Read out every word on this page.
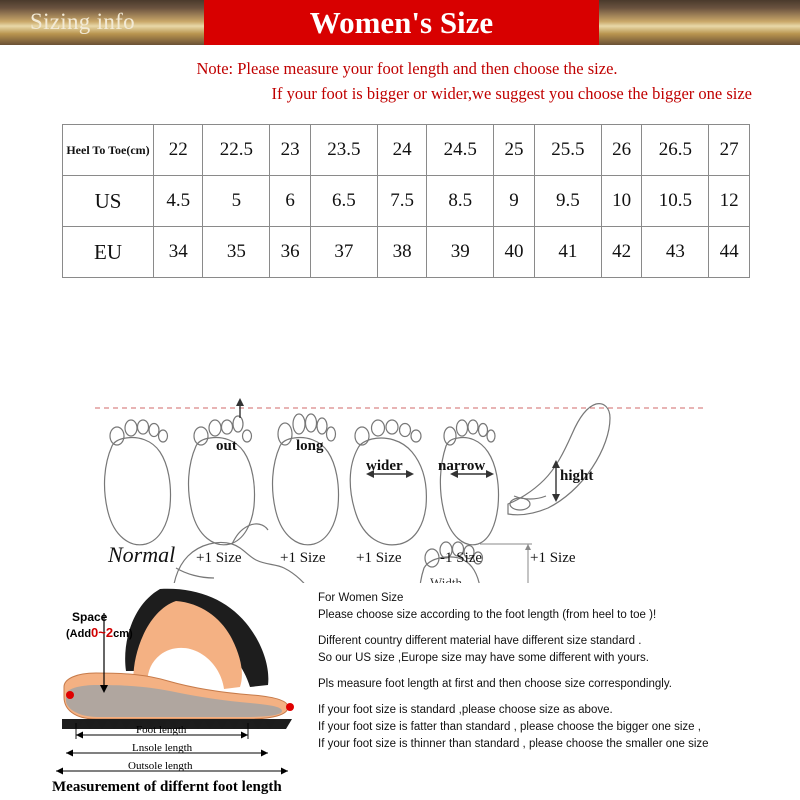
Sizing info	Women's Size
Note: Please measure your foot length and then choose the size.
If your foot is bigger or wider,we suggest you choose the bigger one size
Heel To Toe(cm)	22	22.5	23	23.5	24	24.5	25	25.5	26	26.5	27
US	4.5	5	6	6.5	7.5	8.5	9	9.5	10	10.5	12
EU	34	35	36	37	38	39	40	41	42	43	44
out	long
wider narrow
hight
Normal +1 Size	+1 Size +1 Size	-1 Size	+1 Size
Foot length
Lnsole length
Outsole length
Space
(Add0~2cm)
Measurement of differnt foot length

For Women Size

Please choose size according to the foot length (from heel to toe )!

Different country different material have different size standard .

So our US size ,Europe size may have some different with yours.

Pls measure foot length at first and then choose size correspondingly.

If your foot size is standard ,please choose size as above.

If your foot size is fatter than standard , please choose the bigger one size ,

If your foot size is thinner than standard , please choose the smaller one size
